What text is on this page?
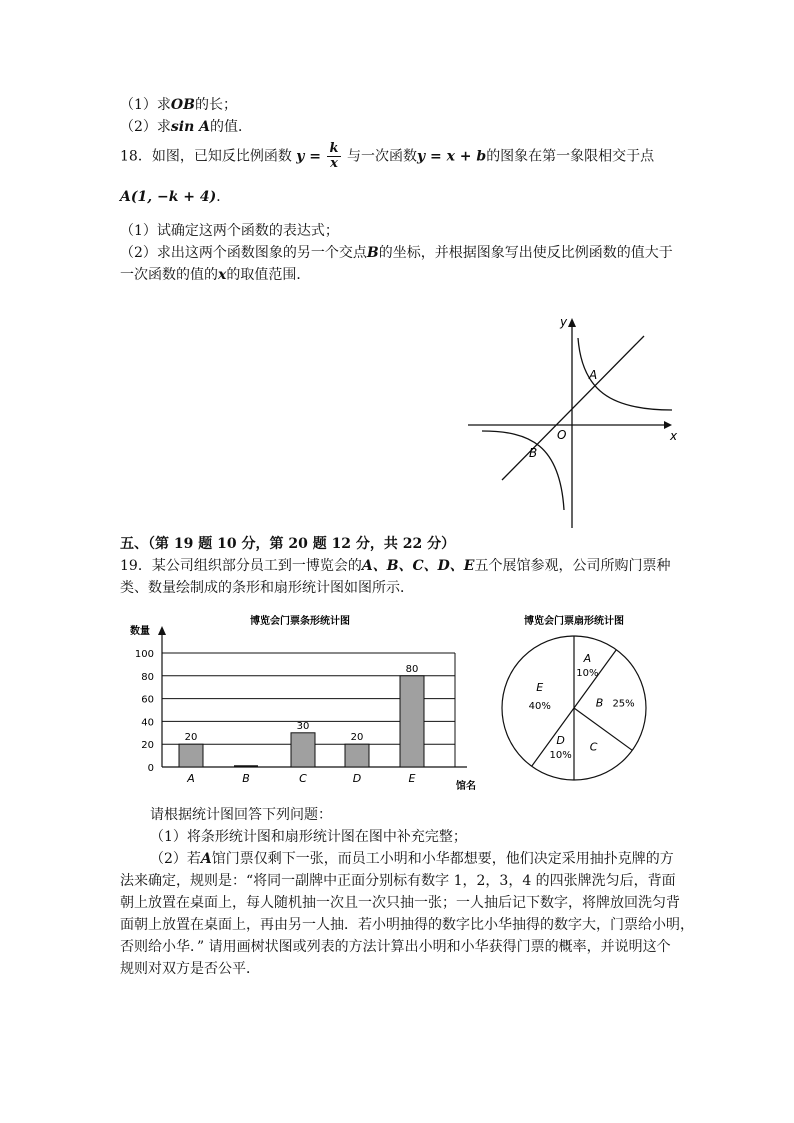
（1）求OB的长；
（2）求sin A的值．
18．如图，已知反比例函数 $y = \frac{k}{x}$ 与一次函数y = x + b的图象在第一象限相交于点
A(1, −k + 4)．
（1）试确定这两个函数的表达式；
（2）求出这两个函数图象的另一个交点B的坐标，并根据图象写出使反比例函数的值大于
一次函数的值的x的取值范围．
x
y
O
A
B
五、（第 19 题 10 分，第 20 题 12 分，共 22 分）
19．某公司组织部分员工到一博览会的A、B、C、D、E五个展馆参观，公司所购门票种
类、数量绘制成的条形和扇形统计图如图所示．
博览会门票条形统计图
数量
0
20
40
60
80
100
20
A	B
30
C
20
D
80
E
馆名
博览会门票扇形统计图
A
10%
B 25%
C
D
10%
E
40%
请根据统计图回答下列问题：
（1）将条形统计图和扇形统计图在图中补充完整；
（2）若A馆门票仅剩下一张，而员工小明和小华都想要，他们决定采用抽扑克牌的方
法来确定，规则是：“将同一副牌中正面分别标有数字 1，2，3，4 的四张牌洗匀后，背面
朝上放置在桌面上，每人随机抽一次且一次只抽一张；一人抽后记下数字，将牌放回洗匀背
面朝上放置在桌面上，再由另一人抽．若小明抽得的数字比小华抽得的数字大，门票给小明，
否则给小华．” 请用画树状图或列表的方法计算出小明和小华获得门票的概率，并说明这个
规则对双方是否公平．
